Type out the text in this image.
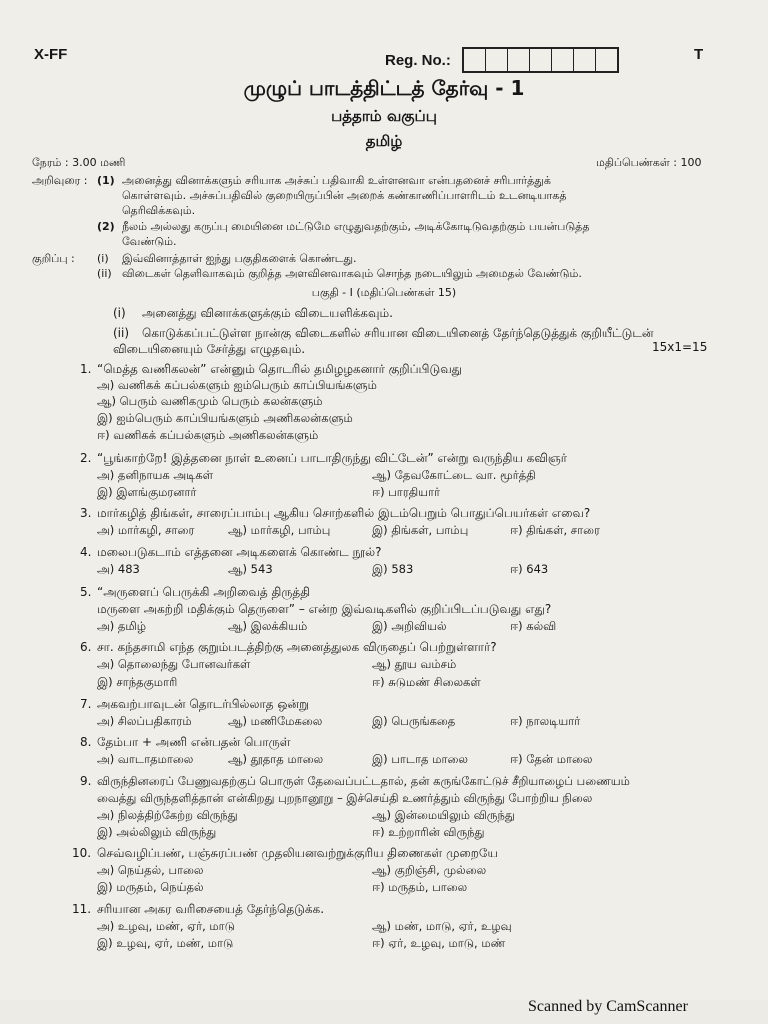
X-FF	Reg. No.:	T
முழுப் பாடத்திட்டத் தேர்வு - 1
பத்தாம் வகுப்பு
தமிழ்
நேரம் : 3.00 மணி	மதிப்பெண்கள் : 100
அறிவுரை : (1) அனைத்து வினாக்களும் சரியாக அச்சுப் பதிவாகி உள்ளனவா என்பதனைச் சரிபார்த்துக்
கொள்ளவும். அச்சுப்பதிவில் குறையிருப்பின் அறைக் கண்காணிப்பாளரிடம் உடனடியாகத்
தெரிவிக்கவும்.
(2) நீலம் அல்லது கருப்பு மையினை மட்டுமே எழுதுவதற்கும், அடிக்கோடிடுவதற்கும் பயன்படுத்த
வேண்டும்.
குறிப்பு : (i) இவ்வினாத்தாள் ஐந்து பகுதிகளைக் கொண்டது.
(ii) விடைகள் தெளிவாகவும் குறித்த அளவினவாகவும் சொந்த நடையிலும் அமைதல் வேண்டும்.
பகுதி - I (மதிப்பெண்கள் 15)
(i) அனைத்து வினாக்களுக்கும் விடையளிக்கவும்.
(ii) கொடுக்கப்பட்டுள்ள நான்கு விடைகளில் சரியான விடையினைத் தேர்ந்தெடுத்துக் குறியீட்டுடன்
விடையினையும் சேர்த்து எழுதவும்.	15x1=15
1. “மெத்த வணிகலன்” என்னும் தொடரில் தமிழழகனார் குறிப்பிடுவது
அ) வணிகக் கப்பல்களும் ஐம்பெரும் காப்பியங்களும்
ஆ) பெரும் வணிகமும் பெரும் கலன்களும்
இ) ஐம்பெரும் காப்பியங்களும் அணிகலன்களும்
ஈ) வணிகக் கப்பல்களும் அணிகலன்களும்
2. “பூங்காற்றே! இத்தனை நாள் உனைப் பாடாதிருந்து விட்டேன்” என்று வருந்திய கவிஞர்
அ) தனிநாயக அடிகள்	ஆ) தேவகோட்டை வா. மூர்த்தி
இ) இளங்குமரனார்	ஈ) பாரதியார்
3. மார்கழித் திங்கள், சாரைப்பாம்பு ஆகிய சொற்களில் இடம்பெறும் பொதுப்பெயர்கள் எவை?
அ) மார்கழி, சாரை	ஆ) மார்கழி, பாம்பு	இ) திங்கள், பாம்பு	ஈ) திங்கள், சாரை
4. மலைபடுகடாம் எத்தனை அடிகளைக் கொண்ட நூல்?
அ) 483	ஆ) 543	இ) 583	ஈ) 643
5. “அருளைப் பெருக்கி அறிவைத் திருத்தி
மருளை அகற்றி மதிக்கும் தெருளை” – என்ற இவ்வடிகளில் குறிப்பிடப்படுவது எது?
அ) தமிழ்	ஆ) இலக்கியம்	இ) அறிவியல்	ஈ) கல்வி
6. சா. கந்தசாமி எந்த குறும்படத்திற்கு அனைத்துலக விருதைப் பெற்றுள்ளார்?
அ) தொலைந்து போனவர்கள்	ஆ) தூய வம்சம்
இ) சாந்தகுமாரி	ஈ) சுடுமண் சிலைகள்
7. அகவற்பாவுடன் தொடர்பில்லாத ஒன்று
அ) சிலப்பதிகாரம்	ஆ) மணிமேகலை	இ) பெருங்கதை	ஈ) நாலடியார்
8. தேம்பா + அணி என்பதன் பொருள்
அ) வாடாதமாலை	ஆ) தூதாத மாலை	இ) பாடாத மாலை	ஈ) தேன் மாலை
9. விருந்தினரைப் பேணுவதற்குப் பொருள் தேவைப்பட்டதால், தன் கருங்கோட்டுச் சீறியாழைப் பணையம்
வைத்து விருந்தளித்தான் என்கிறது புறநானூறு – இச்செய்தி உணர்த்தும் விருந்து போற்றிய நிலை
அ) நிலத்திற்கேற்ற விருந்து	ஆ) இன்மையிலும் விருந்து
இ) அல்லிலும் விருந்து	ஈ) உற்றாரின் விருந்து
10. செவ்வழிப்பண், பஞ்சுரப்பண் முதலியனவற்றுக்குரிய திணைகள் முறையே
அ) நெய்தல், பாலை	ஆ) குறிஞ்சி, முல்லை
இ) மருதம், நெய்தல்	ஈ) மருதம், பாலை
11. சரியான அகர வரிசையைத் தேர்ந்தெடுக்க.
அ) உழவு, மண், ஏர், மாடு	ஆ) மண், மாடு, ஏர், உழவு
இ) உழவு, ஏர், மண், மாடு	ஈ) ஏர், உழவு, மாடு, மண்
Scanned by CamScanner
